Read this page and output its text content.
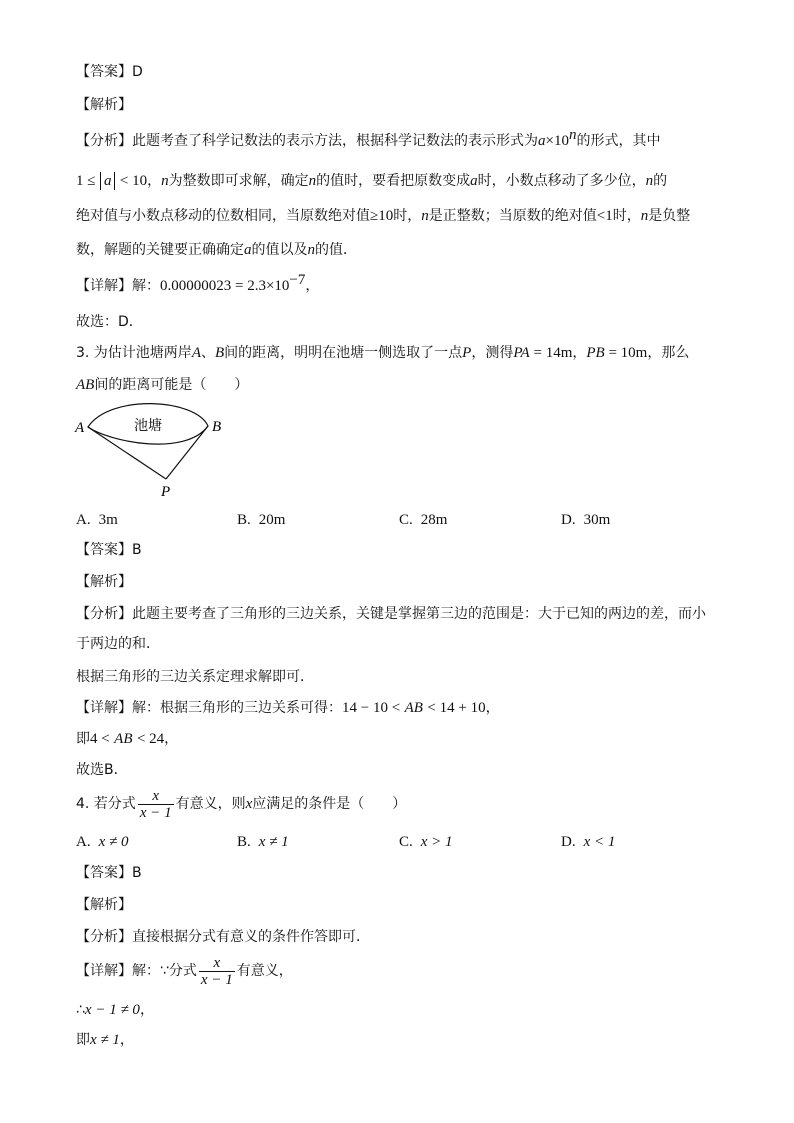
【答案】D
【解析】
【分析】此题考查了科学记数法的表示方法，根据科学记数法的表示形式为$a\times 10^n$的形式，其中
1 ≤ a < 10，n为整数即可求解，确定n的值时，要看把原数变成a时，小数点移动了多少位，n的
绝对值与小数点移动的位数相同，当原数绝对值≥10时，n是正整数；当原数的绝对值<1时，n是负整
数，解题的关键要正确确定a的值以及n的值．
【详解】解：$0.00000023 = 2.3\times 10^{-7}$，
故选：D．
3. 为估计池塘两岸A、B间的距离，明明在池塘一侧选取了一点P，测得PA = 14m，PB = 10m，那么
AB间的距离可能是（　　）
A	B
P
池塘
A. 3m	B. 20m	C. 28m	D. 30m
【答案】B
【解析】
【分析】此题主要考查了三角形的三边关系，关键是掌握第三边的范围是：大于已知的两边的差，而小
于两边的和．
根据三角形的三边关系定理求解即可．
【详解】解：根据三角形的三边关系可得：14 − 10 < AB < 14 + 10，
即4 < AB < 24，
故选B．
4. 若分式 $\frac{x}{x - 1}$ 有意义，则x应满足的条件是（　　）
A. x ≠ 0	B. x ≠ 1	C. x > 1	D. x < 1
【答案】B
【解析】
【分析】直接根据分式有意义的条件作答即可．
【详解】解：∵分式 $\frac{x}{x - 1}$ 有意义，
∴x − 1 ≠ 0，
即x ≠ 1，
